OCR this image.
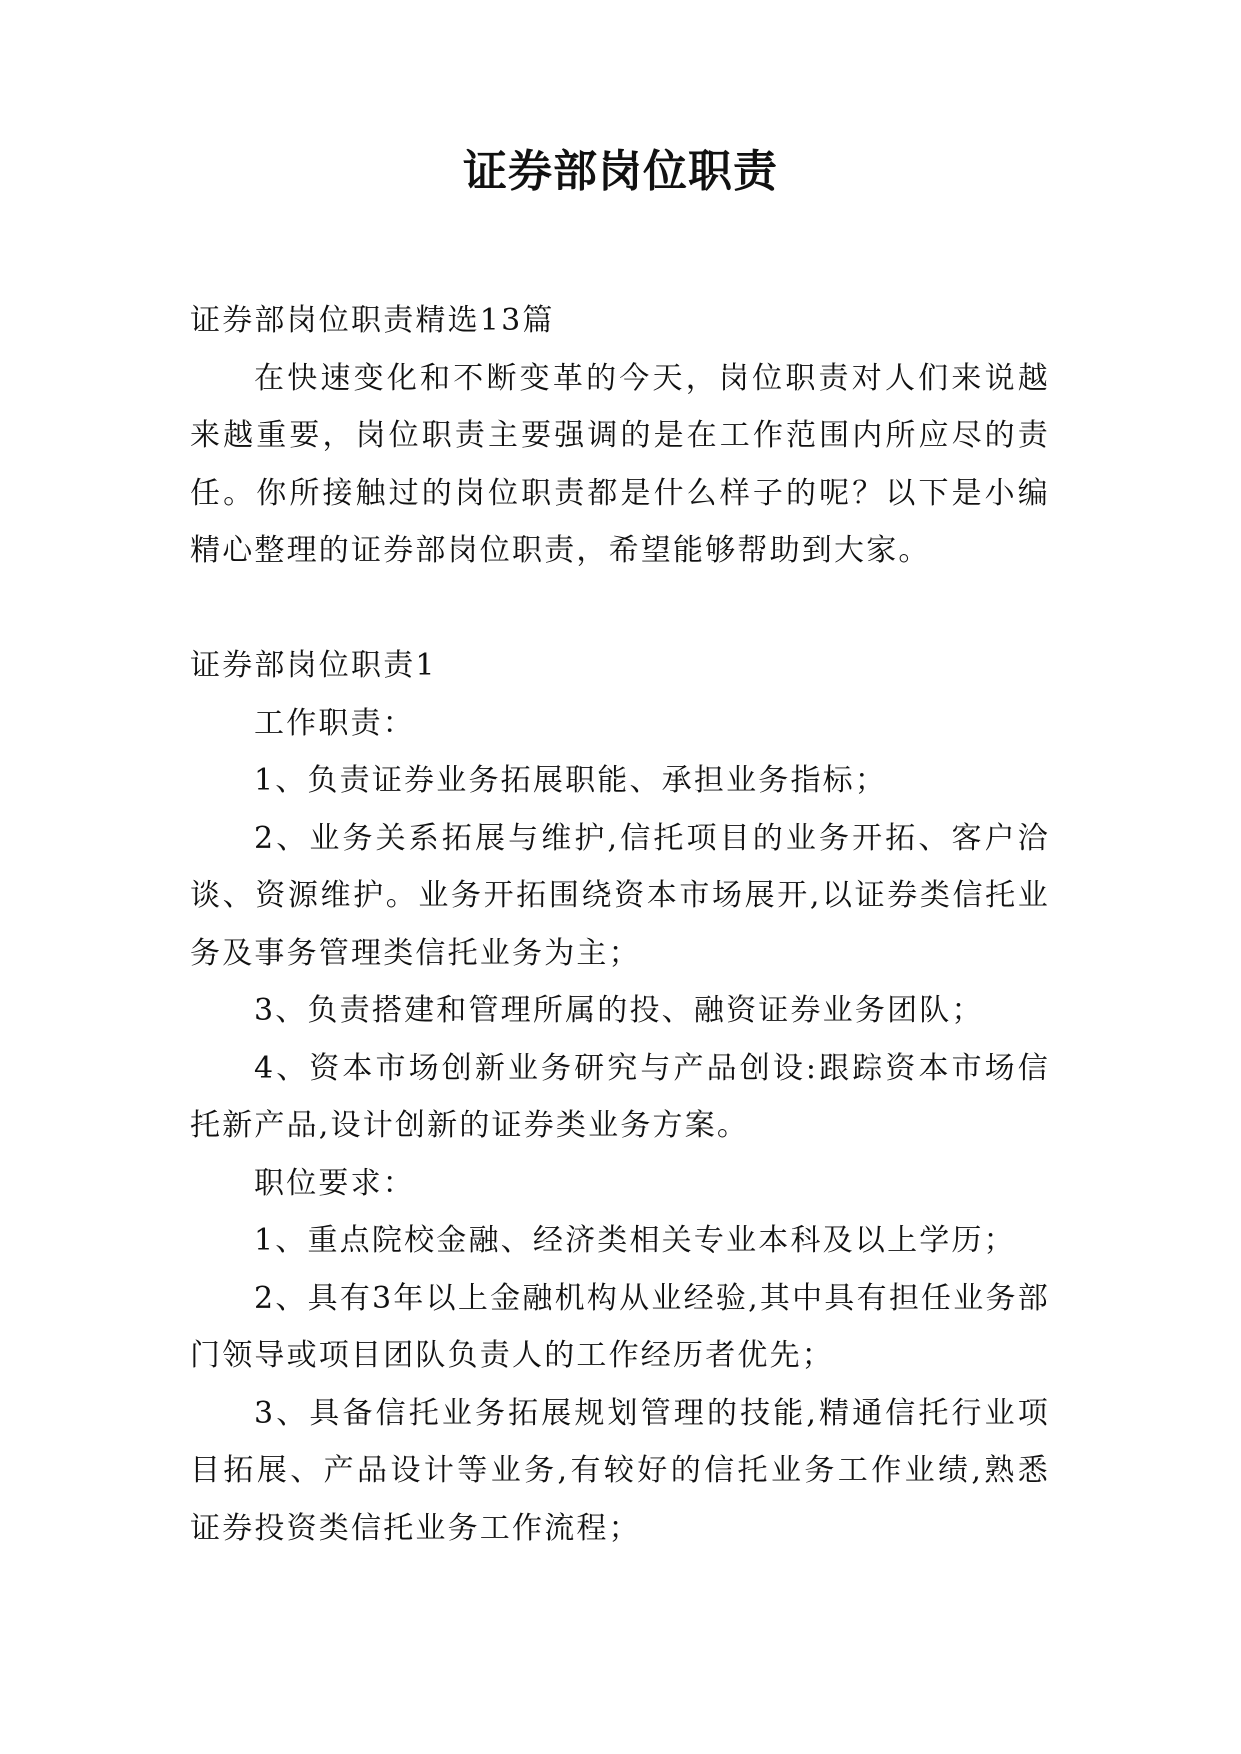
证券部岗位职责

证券部岗位职责精选13篇

在快速变化和不断变革的今天，岗位职责对人们来说越来越重要，岗位职责主要强调的是在工作范围内所应尽的责任。你所接触过的岗位职责都是什么样子的呢？以下是小编精心整理的证券部岗位职责，希望能够帮助到大家。

证券部岗位职责1

工作职责：

1、负责证券业务拓展职能、承担业务指标；

2、业务关系拓展与维护,信托项目的业务开拓、客户洽谈、资源维护。业务开拓围绕资本市场展开,以证券类信托业务及事务管理类信托业务为主；

3、负责搭建和管理所属的投、融资证券业务团队；

4、资本市场创新业务研究与产品创设:跟踪资本市场信托新产品,设计创新的证券类业务方案。

职位要求：

1、重点院校金融、经济类相关专业本科及以上学历；

2、具有3年以上金融机构从业经验,其中具有担任业务部门领导或项目团队负责人的工作经历者优先；

3、具备信托业务拓展规划管理的技能,精通信托行业项目拓展、产品设计等业务,有较好的信托业务工作业绩,熟悉证券投资类信托业务工作流程；
